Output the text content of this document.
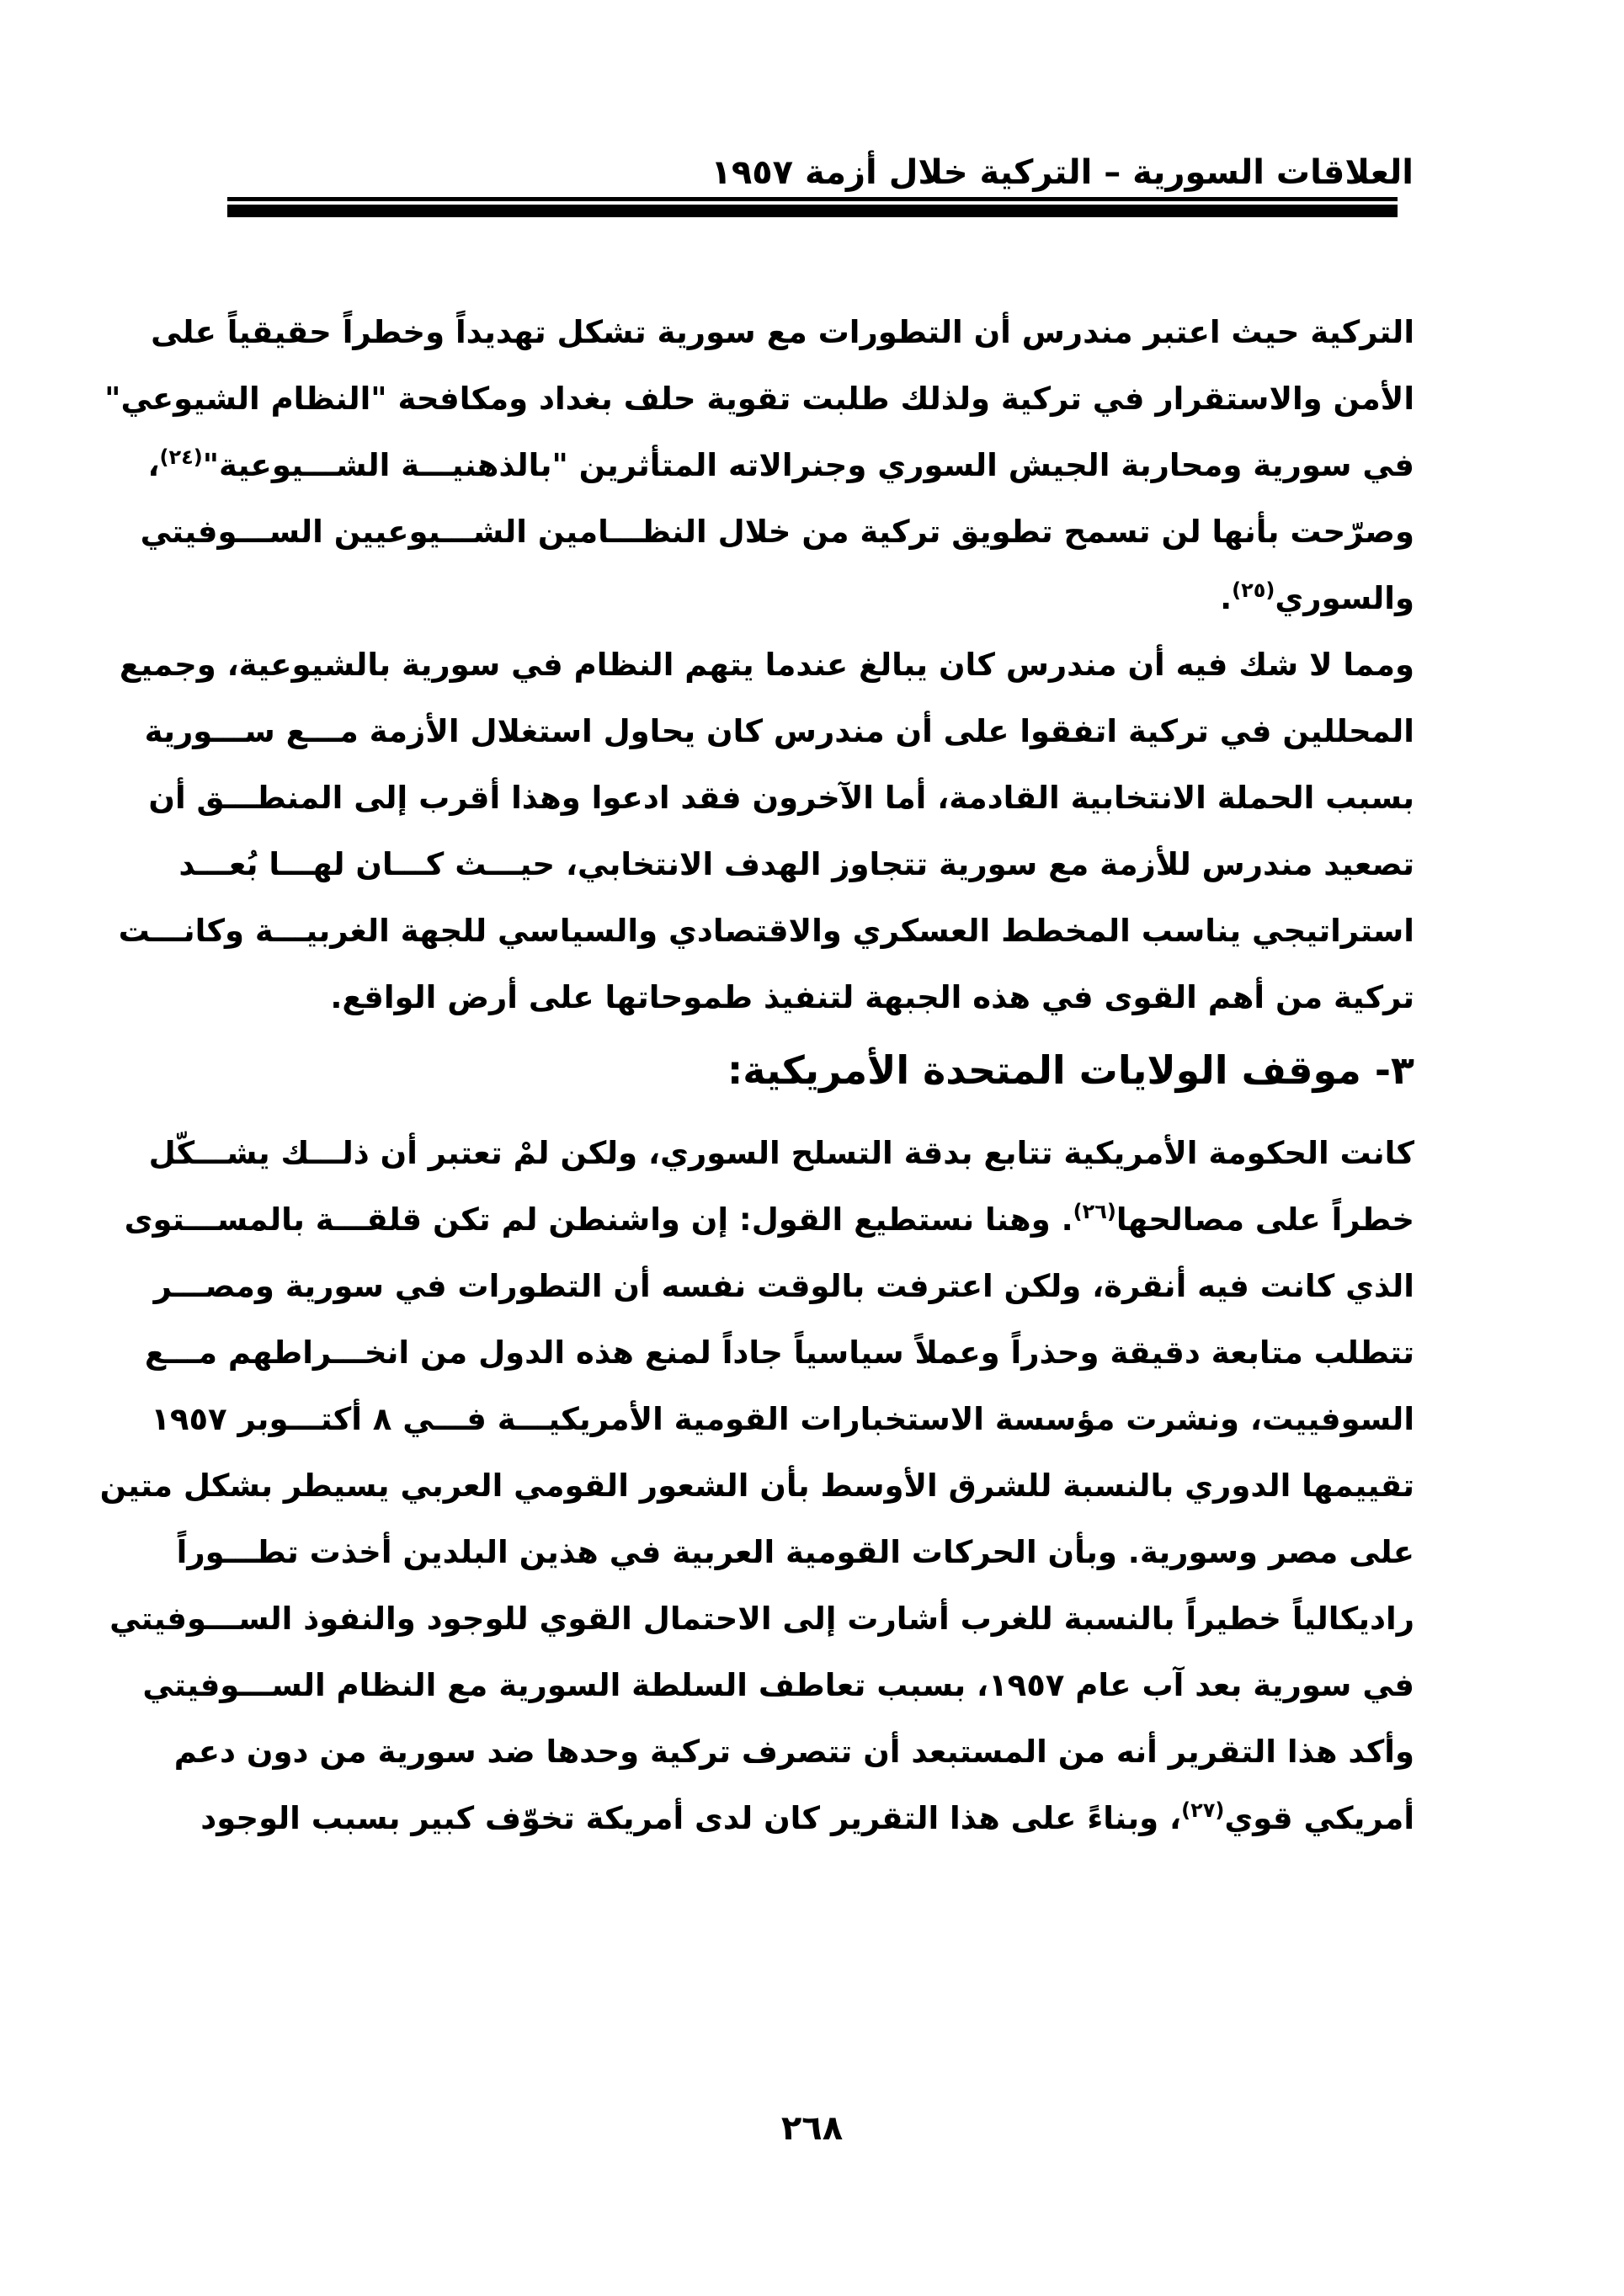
العلاقات السورية – التركية خلال أزمة ١٩٥٧
التركية حيث اعتبر مندرس أن التطورات مع سورية تشكل تهديداً وخطراً حقيقياً على
الأمن والاستقرار في تركية ولذلك طلبت تقوية حلف بغداد ومكافحة "النظام الشيوعي"
في سورية ومحاربة الجيش السوري وجنرالاته المتأثرين "بالذهنيـــة الشـــيوعية"$^{(٢٤)}$،
وصرّحت بأنها لن تسمح تطويق تركية من خلال النظـــامين الشـــيوعيين الســـوفيتي
والسوري$^{(٢٥)}$.
ومما لا شك فيه أن مندرس كان يبالغ عندما يتهم النظام في سورية بالشيوعية، وجميع
المحللين في تركية اتفقوا على أن مندرس كان يحاول استغلال الأزمة مـــع ســـورية
بسبب الحملة الانتخابية القادمة، أما الآخرون فقد ادعوا وهذا أقرب إلى المنطـــق أن
تصعيد مندرس للأزمة مع سورية تتجاوز الهدف الانتخابي، حيـــث كـــان لهـــا بُعـــد
استراتيجي يناسب المخطط العسكري والاقتصادي والسياسي للجهة الغربيـــة وكانـــت
تركية من أهم القوى في هذه الجبهة لتنفيذ طموحاتها على أرض الواقع.
٣- موقف الولايات المتحدة الأمريكية:
كانت الحكومة الأمريكية تتابع بدقة التسلح السوري، ولكن لمْ تعتبر أن ذلـــك يشـــكّل
خطراً على مصالحها$^{(٢٦)}$. وهنا نستطيع القول: إن واشنطن لم تكن قلقـــة بالمســـتوى
الذي كانت فيه أنقرة، ولكن اعترفت بالوقت نفسه أن التطورات في سورية ومصـــر
تتطلب متابعة دقيقة وحذراً وعملاً سياسياً جاداً لمنع هذه الدول من انخـــراطهم مـــع
السوفييت، ونشرت مؤسسة الاستخبارات القومية الأمريكيـــة فـــي ٨ أكتـــوبر ١٩٥٧
تقييمها الدوري بالنسبة للشرق الأوسط بأن الشعور القومي العربي يسيطر بشكل متين
على مصر وسورية. وبأن الحركات القومية العربية في هذين البلدين أخذت تطـــوراً
راديكالياً خطيراً بالنسبة للغرب أشارت إلى الاحتمال القوي للوجود والنفوذ الســـوفيتي
في سورية بعد آب عام ١٩٥٧، بسبب تعاطف السلطة السورية مع النظام الســـوفيتي
وأكد هذا التقرير أنه من المستبعد أن تتصرف تركية وحدها ضد سورية من دون دعم
أمريكي قوي$^{(٢٧)}$، وبناءً على هذا التقرير كان لدى أمريكة تخوّف كبير بسبب الوجود
٢٦٨
